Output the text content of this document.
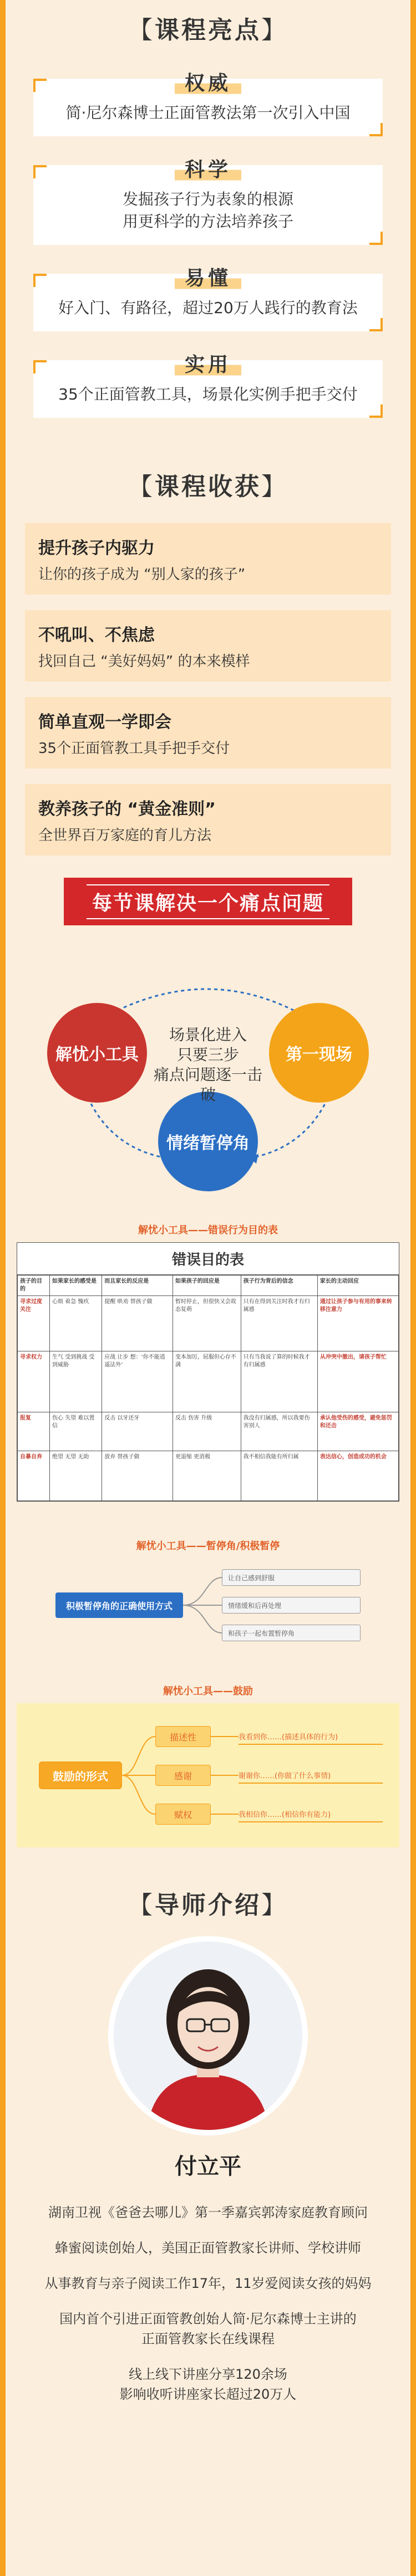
【 课程亮点 】
权威
简·尼尔森博士正面管教法第一次引入中国
科学
发掘孩子行为表象的根源
用更科学的方法培养孩子
易懂
好入门、有路径，超过20万人践行的教育法
实用
35个正面管教工具，场景化实例手把手交付
【 课程收获 】
提升孩子内驱力
让你的孩子成为 “别人家的孩子”
不吼叫、不焦虑
找回自己 “美好妈妈” 的本来模样
简单直观一学即会
35个正面管教工具手把手交付
教养孩子的 “黄金准则”
全世界百万家庭的育儿方法
每节课解决一个痛点问题
解忧小工具	第一现场
情绪暂停角
场景化进入
只要三步
痛点问题逐一击破
解忧小工具——错误行为目的表
错误目的表
孩子的目的	如果家长的感受是	而且家长的反应是	如果孩子的回应是	孩子行为背后的信念	家长的主动回应
寻求过度关注	心烦 着急 愧疚	提醒 哄劝 替孩子做	暂时停止，但很快又会故态复萌	只有在得到关注时我才有归属感	通过让孩子参与有用的事来转移注意力
寻求权力	生气 受到挑战 受到威胁	应战 让步 想：‘你不能逍遥法外’	变本加厉，屈服但心存不满	只有当我说了算的时候我才有归属感	从冲突中撤出，请孩子帮忙
报复	伤心 失望 难以置信	反击 以牙还牙	反击 伤害 升级	我没有归属感，所以我要伤害别人	承认他受伤的感受，避免惩罚和还击
自暴自弃	绝望 无望 无助	放弃 替孩子做	更退缩 更消极	我不相信我能有所归属	表达信心，创造成功的机会
解忧小工具——暂停角/积极暂停
积极暂停角的正确使用方式
让自己感到舒服
情绪缓和后再处理
和孩子一起布置暂停角
解忧小工具——鼓励
鼓励的形式
描述性
感谢
赋权
我看到你……(描述具体的行为)
谢谢你……(你做了什么事情)
我相信你……(相信你有能力)
【 导师介绍 】
付立平
湖南卫视《爸爸去哪儿》第一季嘉宾郭涛家庭教育顾问
蜂蜜阅读创始人，美国正面管教家长讲师、学校讲师
从事教育与亲子阅读工作17年，11岁爱阅读女孩的妈妈
国内首个引进正面管教创始人简·尼尔森博士主讲的
正面管教家长在线课程
线上线下讲座分享120余场
影响收听讲座家长超过20万人
